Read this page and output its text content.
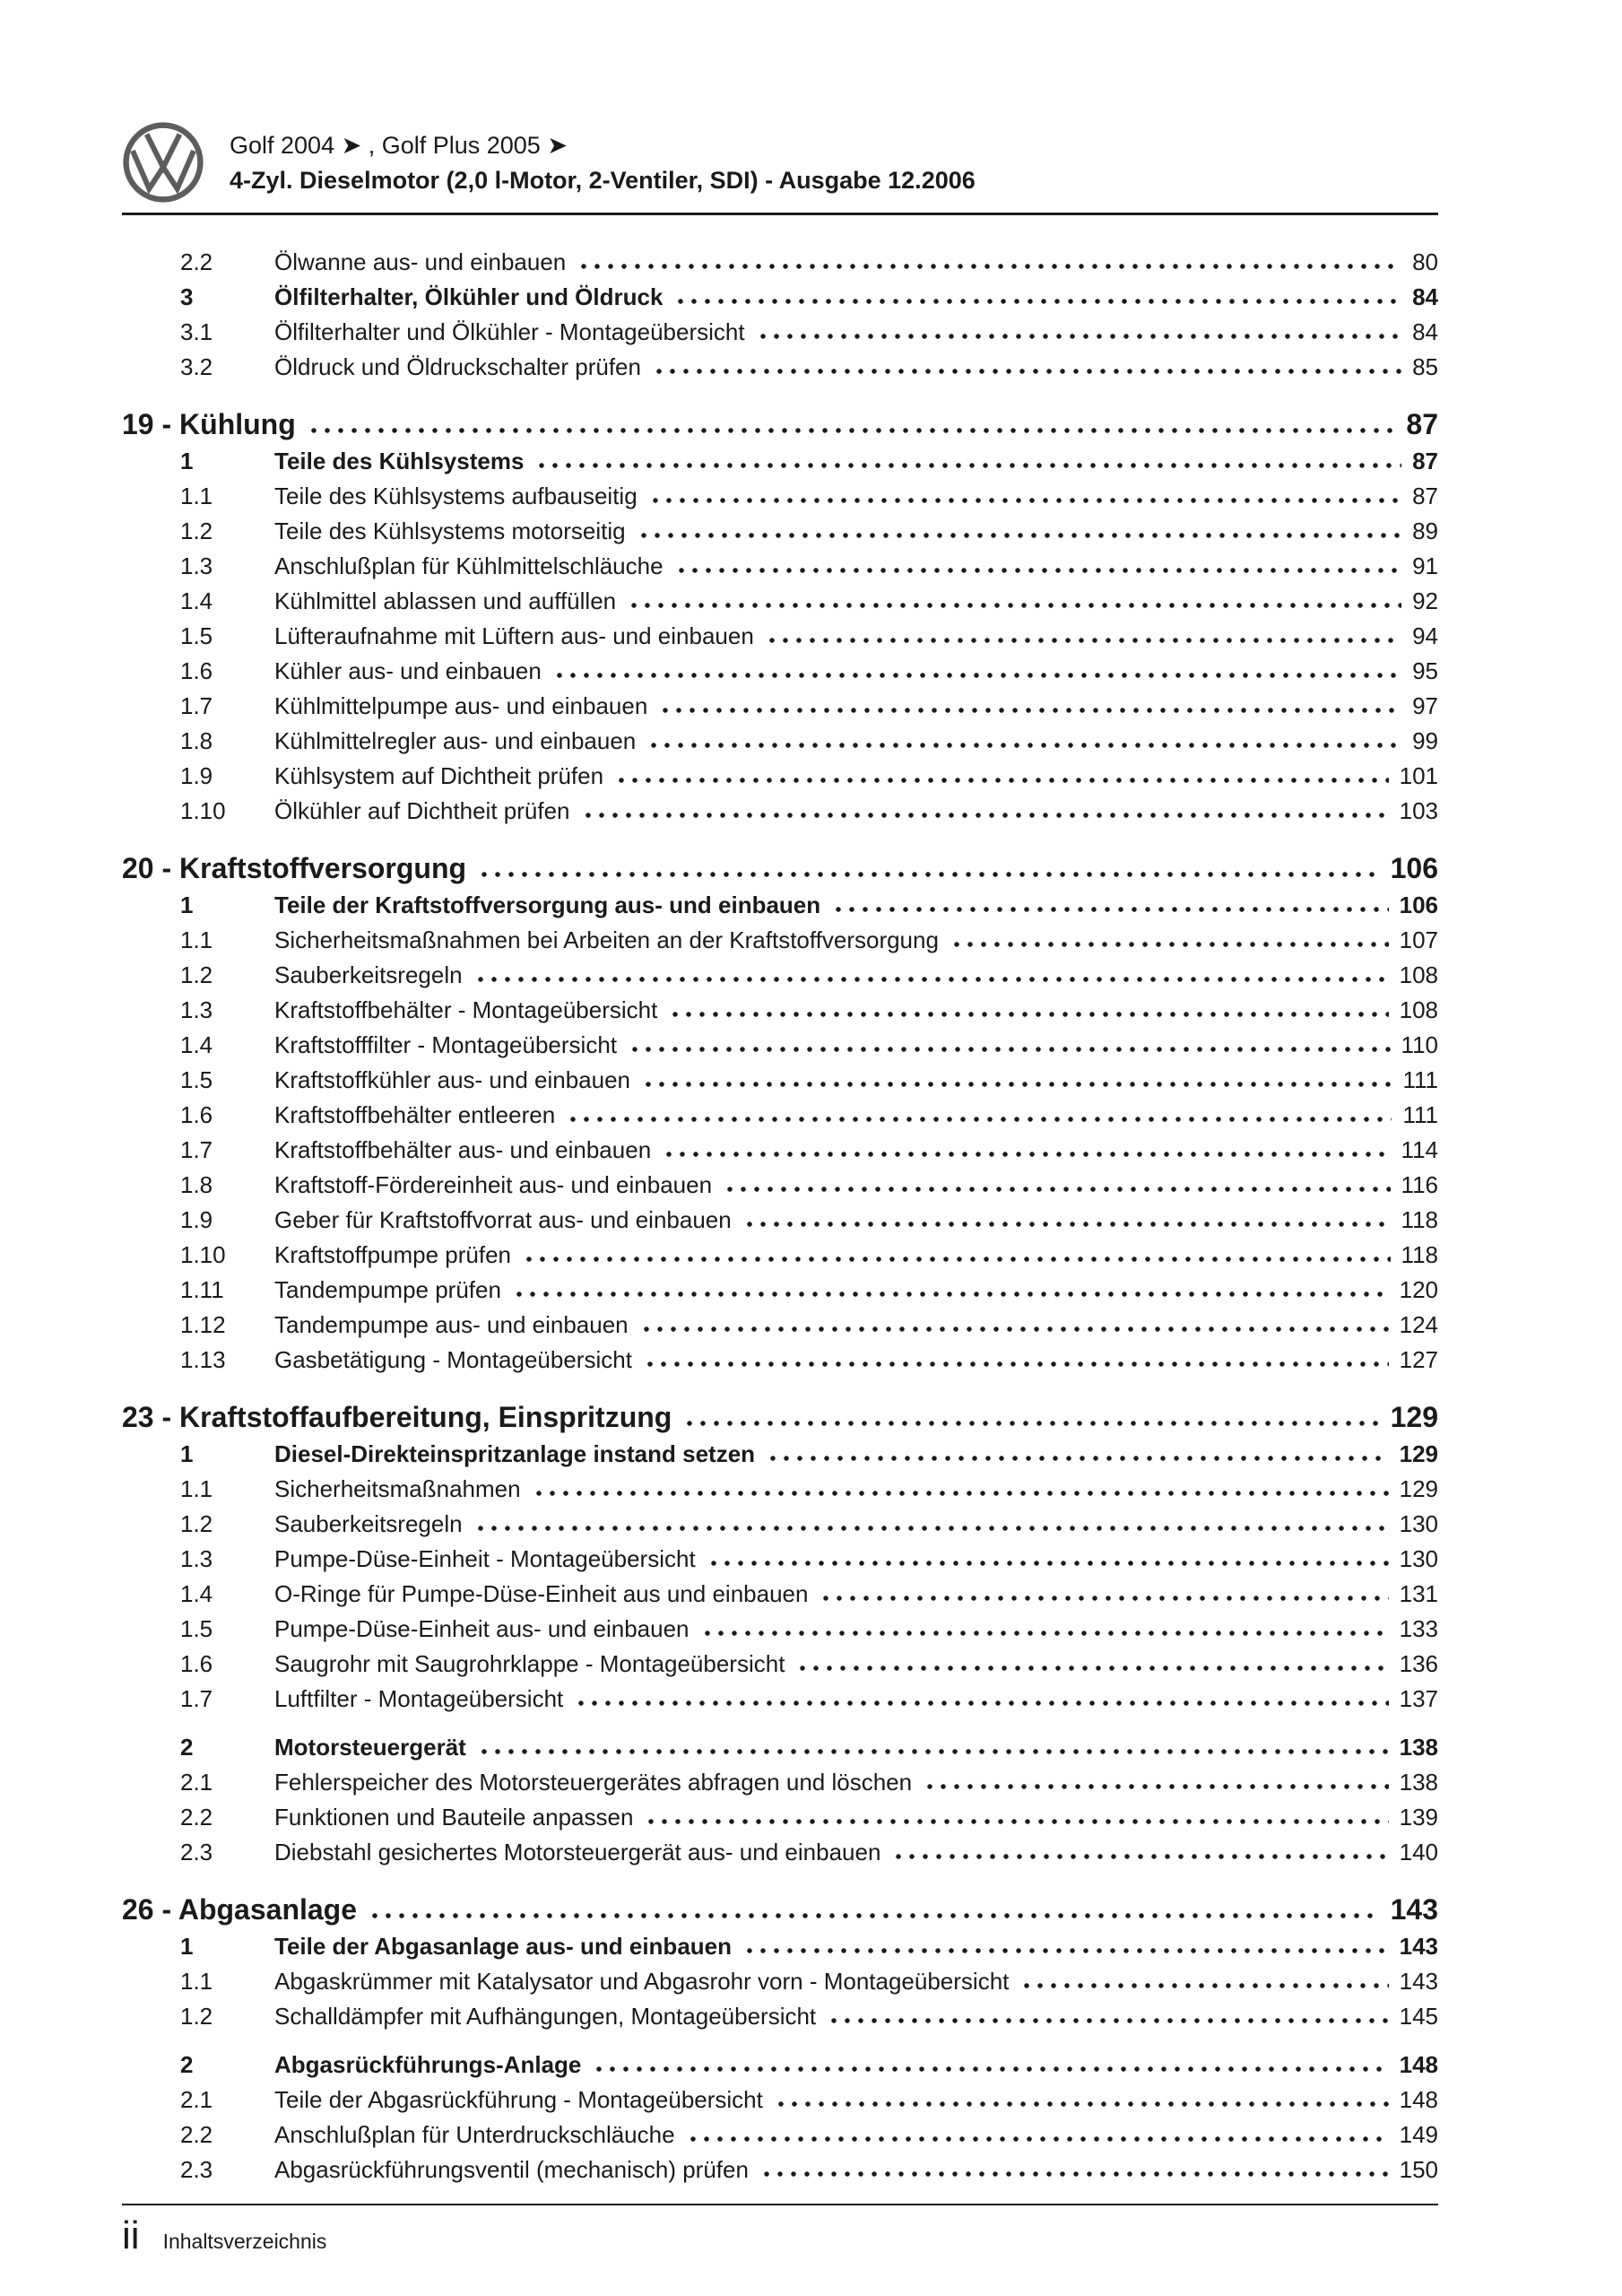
Golf 2004 ➤ , Golf Plus 2005 ➤
4-Zyl. Dieselmotor (2,0 l-Motor, 2-Ventiler, SDI) - Ausgabe 12.2006
2.2	Ölwanne aus- und einbauen	80
3	Ölfilterhalter, Ölkühler und Öldruck	84
3.1	Ölfilterhalter und Ölkühler - Montageübersicht	84
3.2	Öldruck und Öldruckschalter prüfen	85
19 - Kühlung	87
1	Teile des Kühlsystems	87
1.1	Teile des Kühlsystems aufbauseitig	87
1.2	Teile des Kühlsystems motorseitig	89
1.3	Anschlußplan für Kühlmittelschläuche	91
1.4	Kühlmittel ablassen und auffüllen	92
1.5	Lüfteraufnahme mit Lüftern aus- und einbauen	94
1.6	Kühler aus- und einbauen	95
1.7	Kühlmittelpumpe aus- und einbauen	97
1.8	Kühlmittelregler aus- und einbauen	99
1.9	Kühlsystem auf Dichtheit prüfen	101
1.10	Ölkühler auf Dichtheit prüfen	103
20 - Kraftstoffversorgung	106
1	Teile der Kraftstoffversorgung aus- und einbauen	106
1.1	Sicherheitsmaßnahmen bei Arbeiten an der Kraftstoffversorgung	107
1.2	Sauberkeitsregeln	108
1.3	Kraftstoffbehälter - Montageübersicht	108
1.4	Kraftstofffilter - Montageübersicht	110
1.5	Kraftstoffkühler aus- und einbauen	111
1.6	Kraftstoffbehälter entleeren	111
1.7	Kraftstoffbehälter aus- und einbauen	114
1.8	Kraftstoff-Fördereinheit aus- und einbauen	116
1.9	Geber für Kraftstoffvorrat aus- und einbauen	118
1.10	Kraftstoffpumpe prüfen	118
1.11	Tandempumpe prüfen	120
1.12	Tandempumpe aus- und einbauen	124
1.13	Gasbetätigung - Montageübersicht	127
23 - Kraftstoffaufbereitung, Einspritzung	129
1	Diesel-Direkteinspritzanlage instand setzen	129
1.1	Sicherheitsmaßnahmen	129
1.2	Sauberkeitsregeln	130
1.3	Pumpe-Düse-Einheit - Montageübersicht	130
1.4	O-Ringe für Pumpe-Düse-Einheit aus und einbauen	131
1.5	Pumpe-Düse-Einheit aus- und einbauen	133
1.6	Saugrohr mit Saugrohrklappe - Montageübersicht	136
1.7	Luftfilter - Montageübersicht	137
2	Motorsteuergerät	138
2.1	Fehlerspeicher des Motorsteuergerätes abfragen und löschen	138
2.2	Funktionen und Bauteile anpassen	139
2.3	Diebstahl gesichertes Motorsteuergerät aus- und einbauen	140
26 - Abgasanlage	143
1	Teile der Abgasanlage aus- und einbauen	143
1.1	Abgaskrümmer mit Katalysator und Abgasrohr vorn - Montageübersicht	143
1.2	Schalldämpfer mit Aufhängungen, Montageübersicht	145
2	Abgasrückführungs-Anlage	148
2.1	Teile der Abgasrückführung - Montageübersicht	148
2.2	Anschlußplan für Unterdruckschläuche	149
2.3	Abgasrückführungsventil (mechanisch) prüfen	150
ii Inhaltsverzeichnis
